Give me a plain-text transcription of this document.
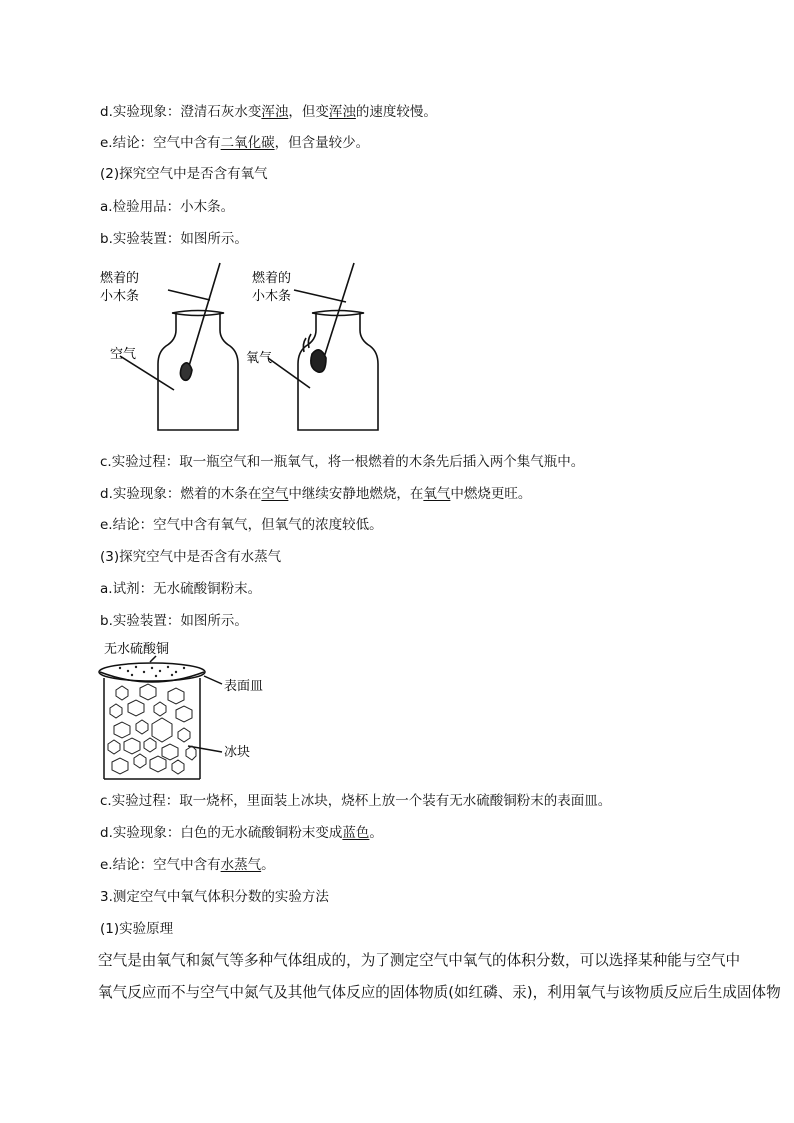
d.实验现象：澄清石灰水变浑浊，但变浑浊的速度较慢。
e.结论：空气中含有二氧化碳，但含量较少。
(2)探究空气中是否含有氧气
a.检验用品：小木条。
b.实验装置：如图所示。
燃着的
小木条
空气
燃着的
小木条
氧气
c.实验过程：取一瓶空气和一瓶氧气，将一根燃着的木条先后插入两个集气瓶中。
d.实验现象：燃着的木条在空气中继续安静地燃烧，在氧气中燃烧更旺。
e.结论：空气中含有氧气，但氧气的浓度较低。
(3)探究空气中是否含有水蒸气
a.试剂：无水硫酸铜粉末。
b.实验装置：如图所示。
无水硫酸铜
表面皿
冰块
c.实验过程：取一烧杯，里面装上冰块，烧杯上放一个装有无水硫酸铜粉末的表面皿。
d.实验现象：白色的无水硫酸铜粉末变成蓝色。
e.结论：空气中含有水蒸气。
3.测定空气中氧气体积分数的实验方法
(1)实验原理
空气是由氧气和氮气等多种气体组成的，为了测定空气中氧气的体积分数，可以选择某种能与空气中
氧气反应而不与空气中氮气及其他气体反应的固体物质(如红磷、汞)，利用氧气与该物质反应后生成固体物
